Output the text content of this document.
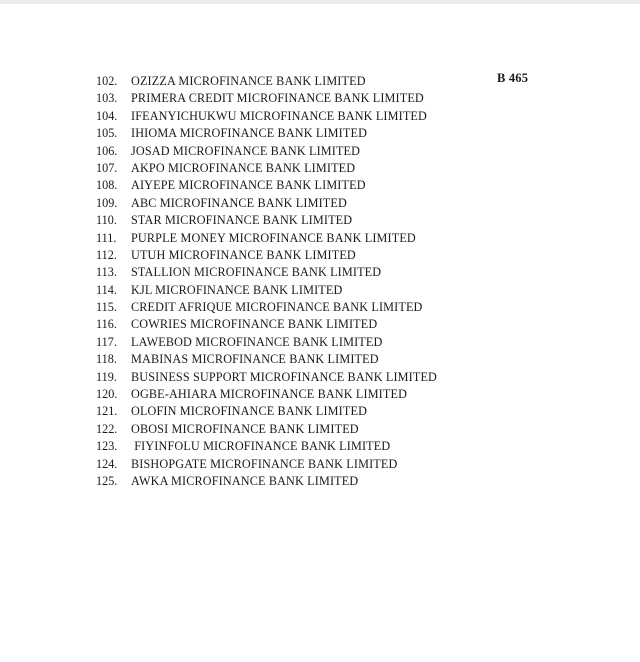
B 465
102.	OZIZZA MICROFINANCE BANK LIMITED
103.	PRIMERA CREDIT MICROFINANCE BANK LIMITED
104.	IFEANYICHUKWU MICROFINANCE BANK LIMITED
105.	IHIOMA MICROFINANCE BANK LIMITED
106.	JOSAD MICROFINANCE BANK LIMITED
107.	AKPO MICROFINANCE BANK LIMITED
108.	AIYEPE MICROFINANCE BANK LIMITED
109.	ABC MICROFINANCE BANK LIMITED
110.	STAR MICROFINANCE BANK LIMITED
111.	PURPLE MONEY MICROFINANCE BANK LIMITED
112.	UTUH MICROFINANCE BANK LIMITED
113.	STALLION MICROFINANCE BANK LIMITED
114.	KJL MICROFINANCE BANK LIMITED
115.	CREDIT AFRIQUE MICROFINANCE BANK LIMITED
116.	COWRIES MICROFINANCE BANK LIMITED
117.	LAWEBOD MICROFINANCE BANK LIMITED
118.	MABINAS MICROFINANCE BANK LIMITED
119.	BUSINESS SUPPORT MICROFINANCE BANK LIMITED
120.	OGBE-AHIARA MICROFINANCE BANK LIMITED
121.	OLOFIN MICROFINANCE BANK LIMITED
122.	OBOSI MICROFINANCE BANK LIMITED
123.	FIYINFOLU MICROFINANCE BANK LIMITED
124.	BISHOPGATE MICROFINANCE BANK LIMITED
125.	AWKA MICROFINANCE BANK LIMITED
